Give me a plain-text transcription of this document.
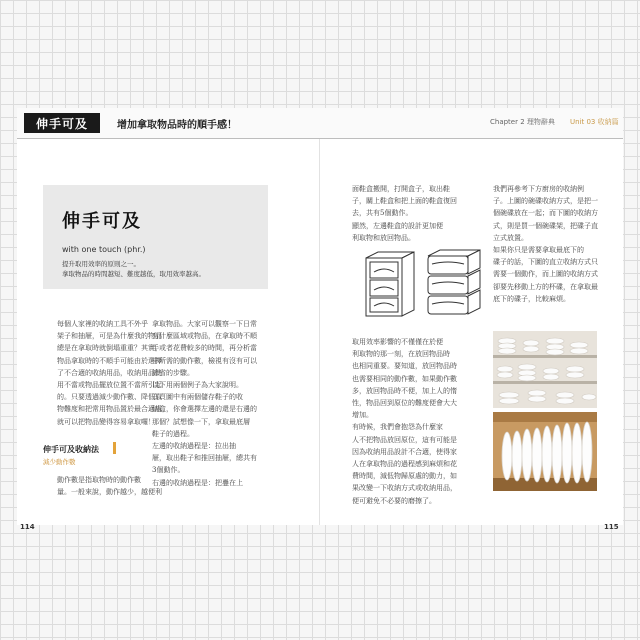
伸手可及	增加拿取物品時的順手感！	Chapter 2 理物辭典 Unit 03 收納篇
伸手可及
with one touch (phr.)
提升取用效率的原則之一。
拿取物品的時間越短、難度越低，取用效率越高。
每個人家裡的收納工具不外乎
架子和抽屜，可是為什麼我的物品
總是在拿取時就倒塌重重？其實，
物品拿取時的不順手可能由於選擇
了不合適的收納用品，收納用品使
用不當或物品擺放位置不當所引起
的。只要透過減少動作數、降低取
物難度和把常用物品置於最合適處，
就可以把物品變得容易拿取囉！
伸手可及收納法
減少動作數
動作數是指取物時的動作數
量。一般來說，動作越少，越便利
拿取物品。大家可以觀察一下日常
有什麼區域或物品，在拿取時不順
手或者花費較多的時間，再分析當
中所需的動作數，檢視有沒有可以
節省的步驟。
以下用兩個例子為大家說明。
右頁圖中有兩個儲存鞋子的收
納盒，你會選擇左邊的還是右邊的
那個？試想像一下，拿取最底層
鞋子的過程。
左邊的收納過程是：拉出抽
屜，取出鞋子和推回抽屜，總共有
3個動作。
右邊的收納過程是：把疊在上
面鞋盒搬開，打開盒子，取出鞋
子，關上鞋盒和把上面的鞋盒復回
去，共有5個動作。
顯然，左邊鞋盒的設計更加便
利取物和放回物品。
取用效率影響的不僅僅在於便
利取物的那一刻，在放回物品時
也相同重要。要知道，放回物品時
也需要相同的動作數，如果動作數
多，放回物品時不便，加上人的惰
性，物品回到原位的難度便會大大
增加。
有時候，我們會抱怨為什麼家
人不把物品放回原位，這有可能是
因為收納用品設計不合適，使得家
人在拿取物品的過程感到麻煩和花
費時間，減低物歸原處的動力，如
果改變一下收納方式或收納用品，
便可避免不必要的磨擦了。
我們再參考下方廚房的收納例
子。上圖的碗碟收納方式，是把一
個碗碟放在一起；而下圖的收納方
式，則是買一個碗碟架，把碟子直
立式放置。
如果你只是需要拿取最底下的
碟子的話，下圖的直立收納方式只
需要一個動作，而上圖的收納方式
卻要先移動上方的杯碟，在拿取最
底下的碟子，比較麻煩。
114	115
